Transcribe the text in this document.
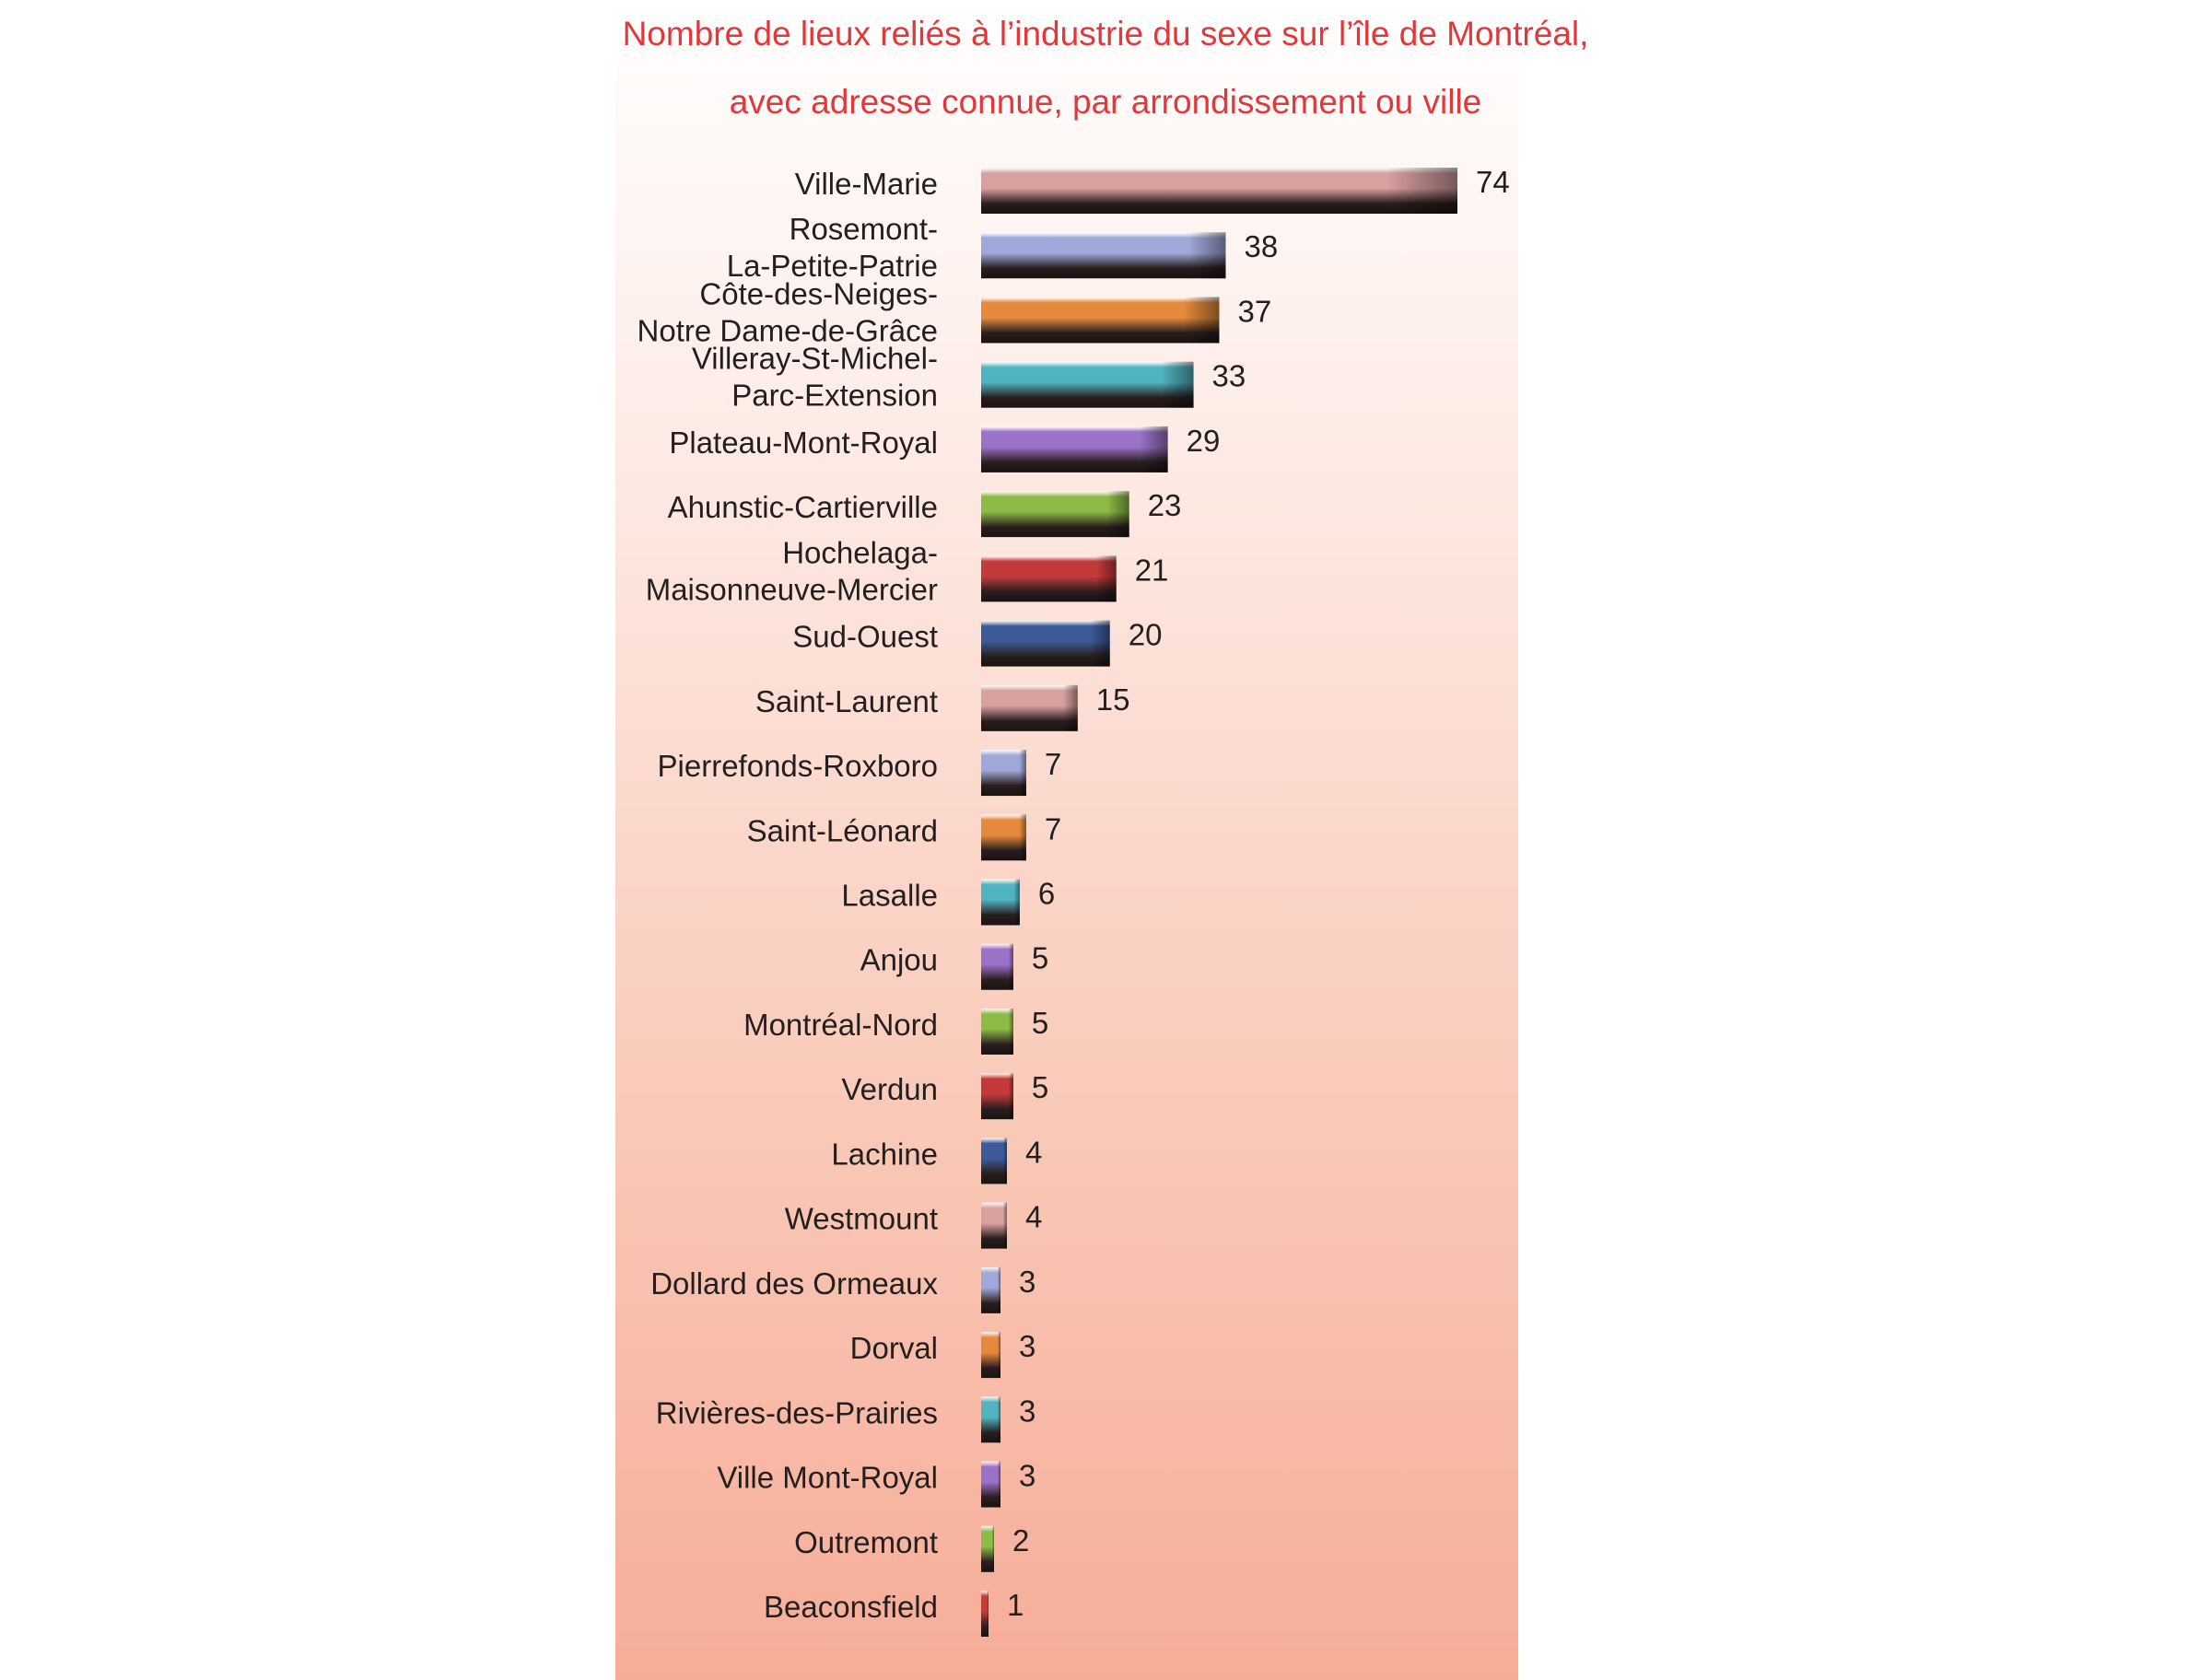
Nombre de lieux reliés à l’industrie du sexe sur l’île de Montréal,
avec adresse connue, par arrondissement ou ville
74
Ville-Marie
38
Rosemont-La-Petite-Patrie
37
Côte-des-Neiges-Notre Dame-de-Grâce
33
Villeray-St-Michel-Parc-Extension
29
Plateau-Mont-Royal
23
Ahunstic-Cartierville
21
Hochelaga-Maisonneuve-Mercier
20
Sud-Ouest
15
Saint-Laurent
7
Pierrefonds-Roxboro
7
Saint-Léonard
6
Lasalle
5
Anjou
5
Montréal-Nord
5
Verdun
4
Lachine
4
Westmount
3
Dollard des Ormeaux
3
Dorval
3
Rivières-des-Prairies
3
Ville Mont-Royal
2
Outremont
1
Beaconsfield
